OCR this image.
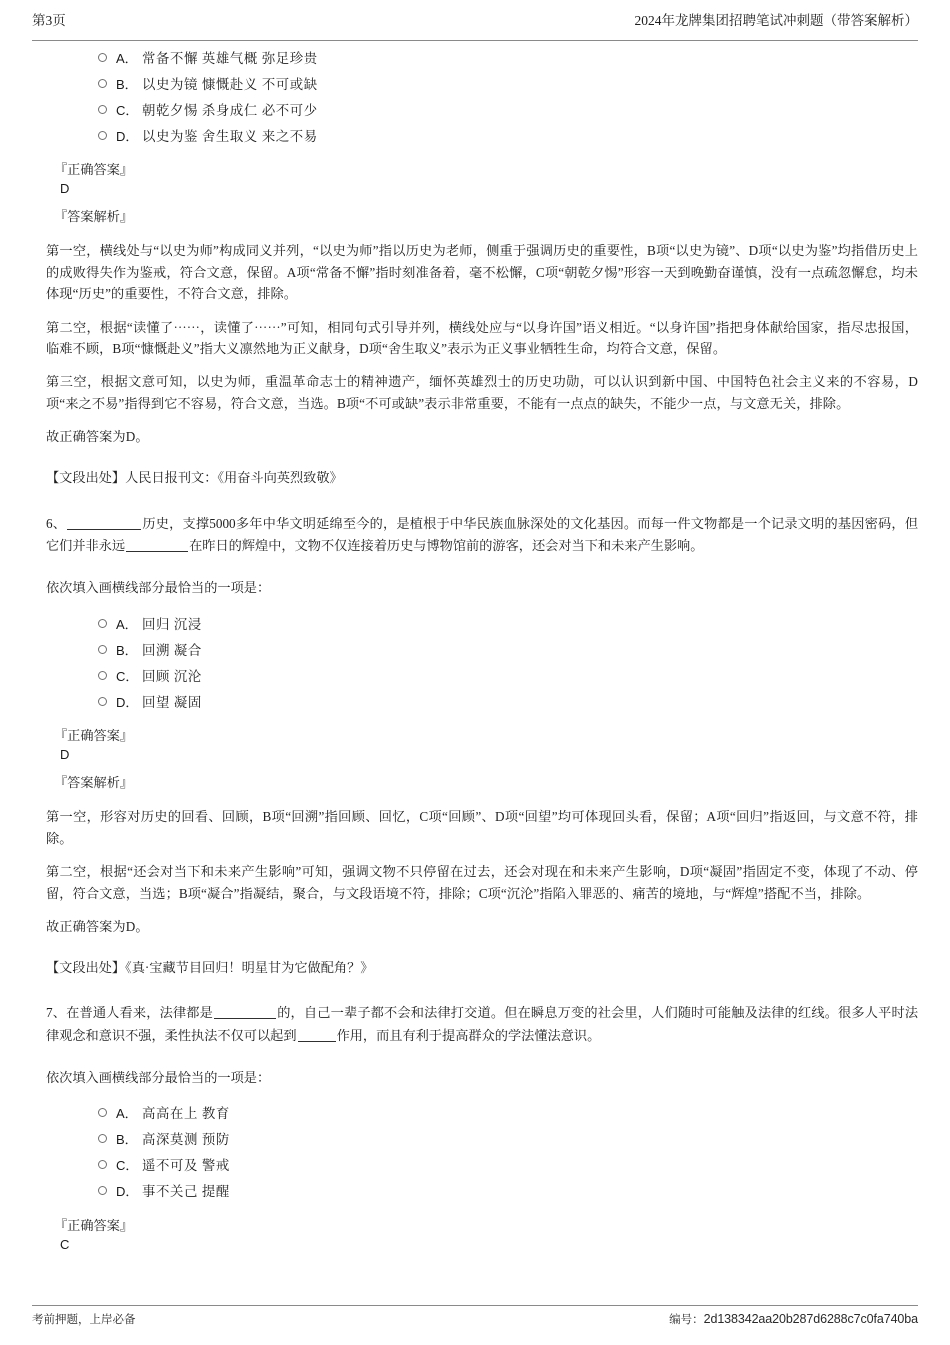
第3页	2024年龙牌集团招聘笔试冲刺题（带答案解析）
A． 常备不懈 英雄气概 弥足珍贵
B． 以史为镜 慷慨赴义 不可或缺
C． 朝乾夕惕 杀身成仁 必不可少
D． 以史为鉴 舍生取义 来之不易
『正确答案』
D
『答案解析』

第一空，横线处与“以史为师”构成同义并列，“以史为师”指以历史为老师，侧重于强调历史的重要性，B项“以史为镜”、D项“以史为鉴”均指借历史上的成败得失作为鉴戒，符合文意，保留。A项“常备不懈”指时刻准备着，毫不松懈，C项“朝乾夕惕”形容一天到晚勤奋谨慎，没有一点疏忽懈怠，均未体现“历史”的重要性，不符合文意，排除。

第二空，根据“读懂了⋯⋯，读懂了⋯⋯”可知，相同句式引导并列，横线处应与“以身许国”语义相近。“以身许国”指把身体献给国家，指尽忠报国，临难不顾，B项“慷慨赴义”指大义凛然地为正义献身，D项“舍生取义”表示为正义事业牺牲生命，均符合文意，保留。

第三空，根据文意可知，以史为师，重温革命志士的精神遗产，缅怀英雄烈士的历史功勋，可以认识到新中国、中国特色社会主义来的不容易，D项“来之不易”指得到它不容易，符合文意，当选。B项“不可或缺”表示非常重要，不能有一点点的缺失，不能少一点，与文意无关，排除。

故正确答案为D。

【文段出处】人民日报刊文：《用奋斗向英烈致敬》

6、	历史，支撑5000多年中华文明延绵至今的，是植根于中华民族血脉深处的文化基因。而每一件文物都是一个记录文明的基因密码，但它们并非永远	在昨日的辉煌中，文物不仅连接着历史与博物馆前的游客，还会对当下和未来产生影响。

依次填入画横线部分最恰当的一项是：

A． 回归 沉浸
B． 回溯 凝合
C． 回顾 沉沦
D． 回望 凝固
『正确答案』
D
『答案解析』

第一空，形容对历史的回看、回顾，B项“回溯”指回顾、回忆，C项“回顾”、D项“回望”均可体现回头看，保留；A项“回归”指返回，与文意不符，排除。

第二空，根据“还会对当下和未来产生影响”可知，强调文物不只停留在过去，还会对现在和未来产生影响，D项“凝固”指固定不变，体现了不动、停留，符合文意，当选；B项“凝合”指凝结，聚合，与文段语境不符，排除；C项“沉沦”指陷入罪恶的、痛苦的境地，与“辉煌”搭配不当，排除。

故正确答案为D。

【文段出处】《真·宝藏节目回归！明星甘为它做配角？》

7、在普通人看来，法律都是	的，自己一辈子都不会和法律打交道。但在瞬息万变的社会里，人们随时可能触及法律的红线。很多人平时法律观念和意识不强，柔性执法不仅可以起到	作用，而且有利于提高群众的学法懂法意识。

依次填入画横线部分最恰当的一项是：

A． 高高在上 教育
B． 高深莫测 预防
C． 遥不可及 警戒
D． 事不关己 提醒
『正确答案』
C
考前押题，上岸必备	编号：2d138342aa20b287d6288c7c0fa740ba
